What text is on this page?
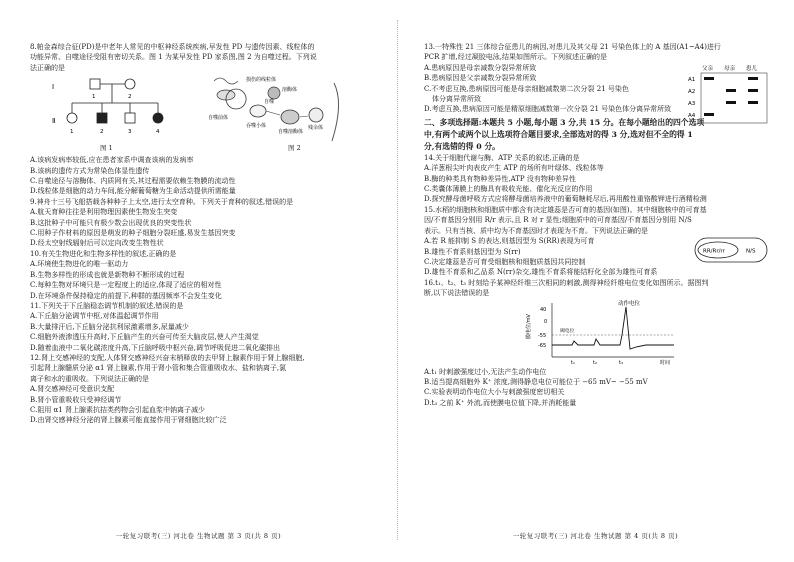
8.帕金森综合征(PD)是中老年人常见的中枢神经系统疾病,早发性 PD 与遗传因素、线粒体的
功能异常、自噬途径受阻有密切关系。图 1 为某早发性 PD 家系图,图 2 为自噬过程。下列说
法正确的是
Ⅰ
Ⅱ
1	2
1	2	3	4
图 1
损伤的线粒体
溶酶体
自噬
吞噬小体
自噬前体
自噬溶酶体
残余体
图 2
A.该病发病率较低,应在患者家系中调查该病的发病率
B.该病的遗传方式为常染色体显性遗传
C.自噬途径与溶酶体、内质网有关,其过程需要依赖生物膜的流动性
D.线粒体是细胞的动力车间,能分解葡萄糖为生命活动提供所需能量
9.神舟十三号飞船搭载各种种子上太空,进行太空育种。下列关于育种的叙述,错误的是
A.航天育种往往是利用物理因素使生物发生突变
B.这批种子中可能只有极少数会出现优良的突变性状
C.用种子作材料的原因是萌发的种子细胞分裂旺盛,易发生基因突变
D.经太空射线辐射后可以定向改变生物性状
10.有关生物进化和生物多样性的叙述,正确的是
A.环境使生物进化的唯一驱动力
B.生物多样性的形成也就是新物种不断形成的过程
C.每种生物对环境只是一定程度上的适应,体现了适应的相对性
D.在环境条件保持稳定的前提下,种群的基因频率不会发生变化
11.下列关于下丘脑稳态调节机制的叙述,错误的是
A.下丘脑分泌调节中枢,对体温起调节作用
B.大量排汗后,下丘脑分泌抗利尿激素增多,尿量减少
C.细胞外液渗透压升高时,下丘脑产生的兴奋可传至大脑皮层,使人产生渴觉
D.随着血液中二氧化碳浓度升高,下丘脑呼吸中枢兴奋,调节呼吸促进二氧化碳排出
12.肾上交感神经的支配,人体肾交感神经兴奋末梢释放的去甲肾上腺素作用于肾上腺细胞,
引起肾上腺髓质分泌 α1 肾上腺素,作用于肾小管和集合管重吸收水、盐和钠离子,氯
离子和水的重吸收。下列说法正确的是
A.肾交感神经可受意识支配
B.肾小管重吸收只受神经调节
C.阻用 α1 肾上腺素抗拮类药物会引起血浆中钠离子减少
D.由肾交感神经分泌的肾上腺素可能直接作用于肾细胞比较广泛
一轮复习联考(三) 河北卷 生物试题 第 3 页(共 8 页)
13.一特殊性 21 三体综合征患儿的病因,对患儿及其父母 21 号染色体上的 A 基因(A1~A4)进行
PCR 扩增,经过凝胶电泳,结果如图所示。下列叙述正确的是
A.患病原因是母亲减数分裂异常所致
B.患病原因是父亲减数分裂异常所致
C.不考虑互换,患病原因可能是母亲细胞减数第二次分裂 21 号染色
体分离异常所致
D.考虑互换,患病原因可能是精原细胞减数第一次分裂 21 号染色体分离异常所致
父亲 母亲 患儿
A1
A2
A3
A4
二、多项选择题:本题共 5 小题,每小题 3 分,共 15 分。在每小题给出的四个选项
中,有两个或两个以上选项符合题目要求,全部选对的得 3 分,选对但不全的得 1
分,有选错的得 0 分。
14.关于细胞代谢与酶、ATP 关系的叙述,正确的是
A.洋葱根尖叶肉表皮产生 ATP 的场所有叶绿体、线粒体等
B.酶的种类具有物种差异性,ATP 没有物种差异性
C.类囊体薄膜上的酶具有吸收光能、催化光反应的作用
D.探究酵母菌呼吸方式应将酵母菌培养液中的葡萄糖耗尽后,再用酸性重铬酸钾进行酒精检测
15.水稻的细胞核和细胞质中都含有决定雄蕊是否可育的基因(如图)。其中细胞核中的可育基
因/不育基因分别用 R/r 表示,且 R 对 r 显性;细胞质中的可育基因/不育基因分别用 N/S
表示。只有当核、质中均为不育基因时才表现为不育。下列说法正确的是
A.若 R 能抑制 S 的表达,则基因型为 S(RR)表现为可育
B.雄性不育系则基因型为 S(rr)
C.决定雄蕊是否可育受细胞核和细胞质基因共同控制
D.雄性不育系和乙品系 N(rr)杂交,雄性不育系将能结籽化全部为雄性可育系
RR/Rr/rr	N/S
16.t₁、t₂、t₃ 时刻给予某神经纤维三次相同的刺激,测得神经纤维电位变化如图所示。据图判
断,以下说法错误的是
膜电位/mV
40
0
-55
-65
阈电位
动作电位
t₁	t₂	t₃	时间
A.t₁ 时刺激强度过小,无法产生动作电位
B.适当提高细胞外 K⁺ 浓度,测得静息电位可能位于 −65 mV~ −55 mV
C.实验表明动作电位大小与刺激强度密切相关
D.t₃ 之前 K⁺ 外流,而使膜电位值下降,并消耗能量
一轮复习联考(三) 河北卷 生物试题 第 4 页(共 8 页)
